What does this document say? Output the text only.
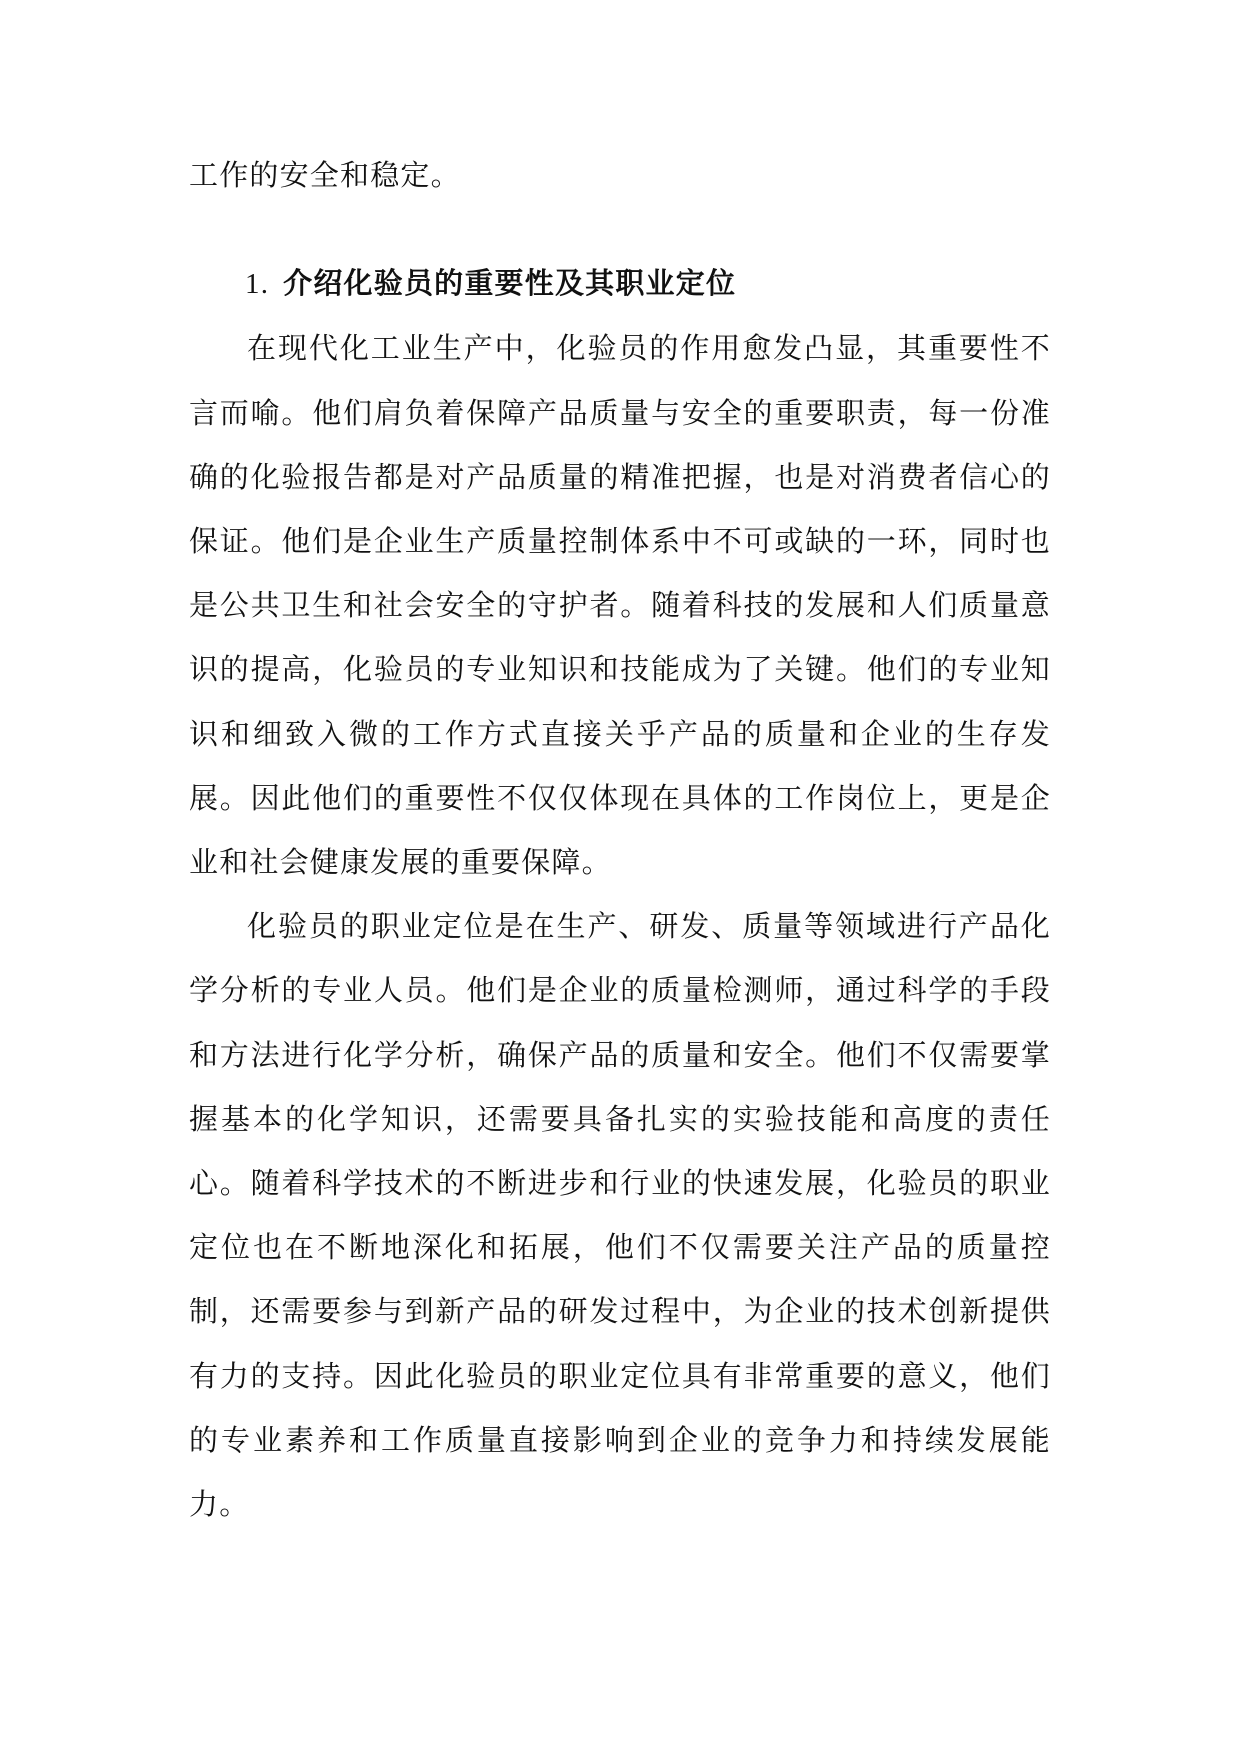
工作的安全和稳定。

1. 介绍化验员的重要性及其职业定位

在现代化工业生产中，化验员的作用愈发凸显，其重要性不言而喻。他们肩负着保障产品质量与安全的重要职责，每一份准确的化验报告都是对产品质量的精准把握，也是对消费者信心的保证。他们是企业生产质量控制体系中不可或缺的一环，同时也是公共卫生和社会安全的守护者。随着科技的发展和人们质量意识的提高，化验员的专业知识和技能成为了关键。他们的专业知识和细致入微的工作方式直接关乎产品的质量和企业的生存发展。因此他们的重要性不仅仅体现在具体的工作岗位上，更是企业和社会健康发展的重要保障。

化验员的职业定位是在生产、研发、质量等领域进行产品化学分析的专业人员。他们是企业的质量检测师，通过科学的手段和方法进行化学分析，确保产品的质量和安全。他们不仅需要掌握基本的化学知识，还需要具备扎实的实验技能和高度的责任心。随着科学技术的不断进步和行业的快速发展，化验员的职业定位也在不断地深化和拓展，他们不仅需要关注产品的质量控制，还需要参与到新产品的研发过程中，为企业的技术创新提供有力的支持。因此化验员的职业定位具有非常重要的意义，他们的专业素养和工作质量直接影响到企业的竞争力和持续发展能力。
